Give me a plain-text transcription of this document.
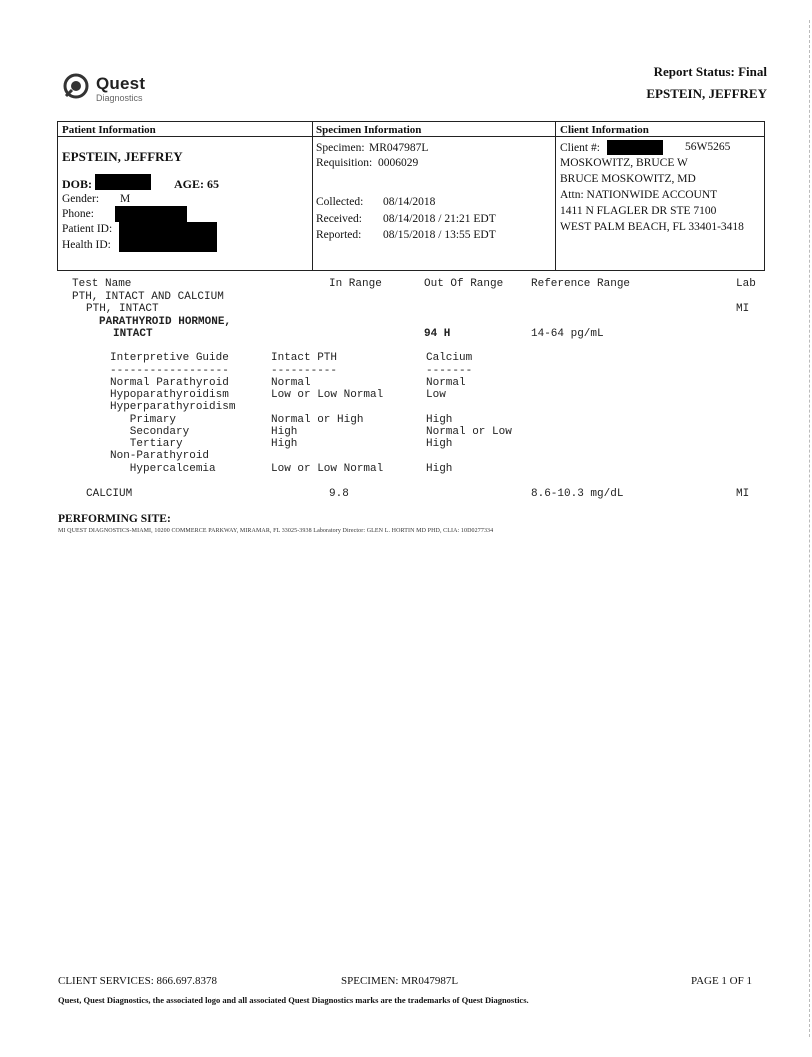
Quest
Diagnostics
Report Status: Final
EPSTEIN, JEFFREY
Patient Information
EPSTEIN, JEFFREY
DOB:	AGE: 65
Gender: M
Phone:
Patient ID:
Health ID:
Specimen Information
Specimen: MR047987L
Requisition: 0006029
Collected: 08/14/2018
Received: 08/14/2018 / 21:21 EDT
Reported: 08/15/2018 / 13:55 EDT
Client Information
Client #:	56W5265
MOSKOWITZ, BRUCE W
BRUCE MOSKOWITZ, MD
Attn: NATIONWIDE ACCOUNT
1411 N FLAGLER DR STE 7100
WEST PALM BEACH, FL 33401-3418
Test Name	In Range	Out Of Range	Reference Range	Lab
PTH, INTACT AND CALCIUM
PTH, INTACT	MI
PARATHYROID HORMONE,
INTACT	94 H	14-64 pg/mL
Interpretive Guide	Intact PTH	Calcium
------------------	----------	-------
Normal Parathyroid	Normal	Normal
Hypoparathyroidism	Low or Low Normal	Low
Hyperparathyroidism
Primary	Normal or High	High
Secondary	High	Normal or Low
Tertiary	High	High
Non-Parathyroid
Hypercalcemia	Low or Low Normal	High
CALCIUM	9.8	8.6-10.3 mg/dL	MI
PERFORMING SITE:
MI QUEST DIAGNOSTICS-MIAMI, 10200 COMMERCE PARKWAY, MIRAMAR, FL 33025-3938 Laboratory Director: GLEN L. HORTIN MD PHD, CLIA: 10D0277334
CLIENT SERVICES: 866.697.8378	SPECIMEN: MR047987L	PAGE 1 OF 1
Quest, Quest Diagnostics, the associated logo and all associated Quest Diagnostics marks are the trademarks of Quest Diagnostics.
